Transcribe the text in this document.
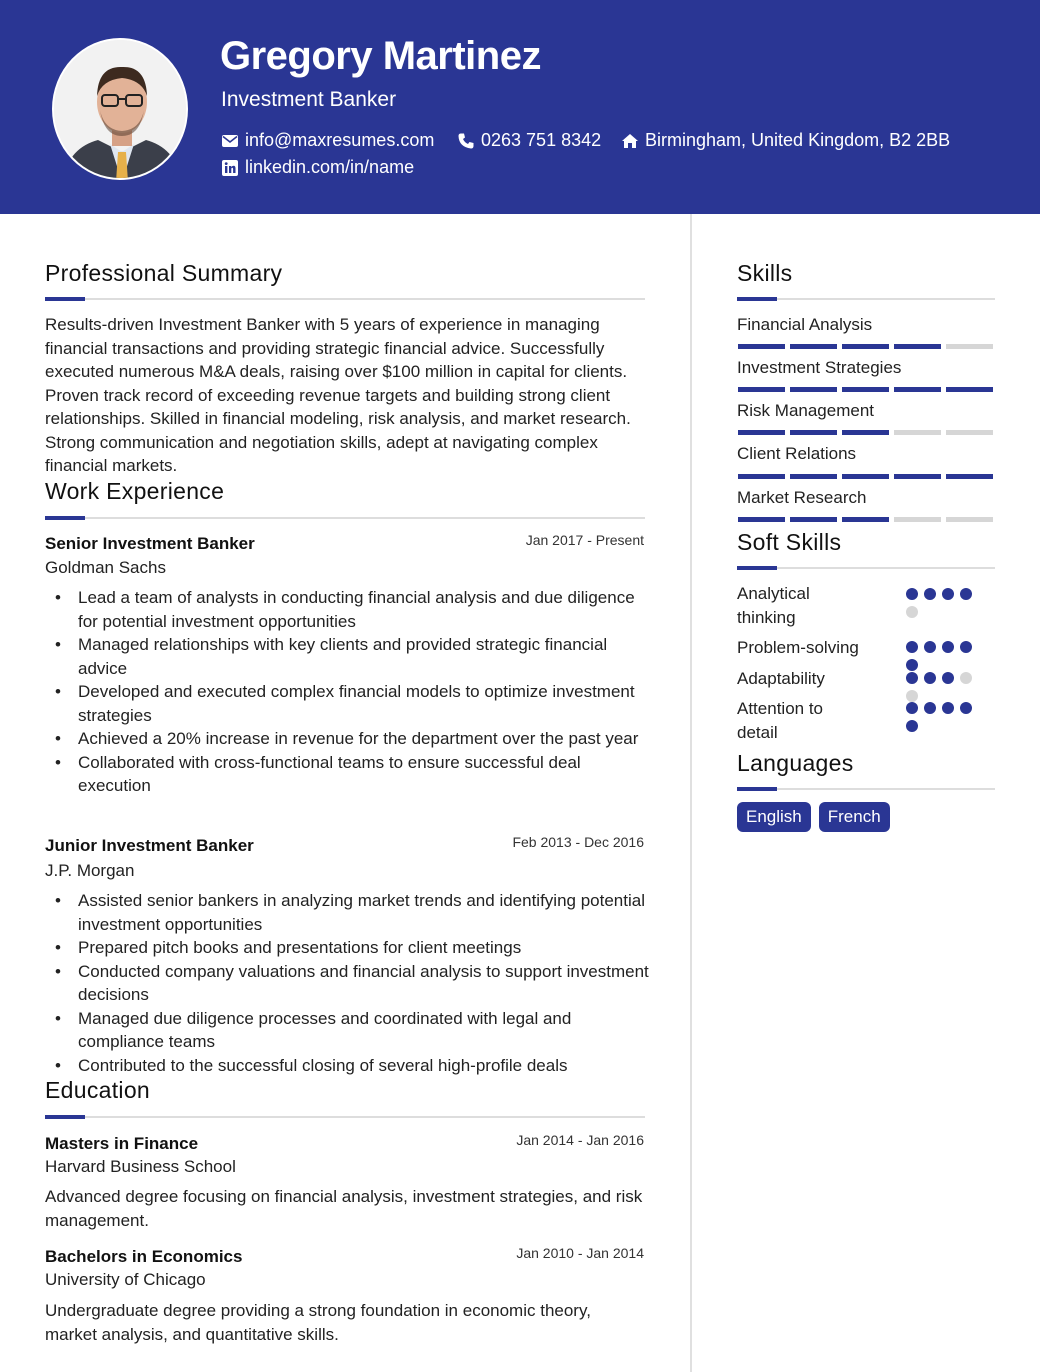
Gregory Martinez
Investment Banker
info@maxresumes.com	0263 751 8342 Birmingham, United Kingdom, B2 2BB
linkedin.com/in/name
Professional Summary
Results-driven Investment Banker with 5 years of experience in managing financial transactions and providing strategic financial advice. Successfully executed numerous M&A deals, raising over $100 million in capital for clients. Proven track record of exceeding revenue targets and building strong client relationships. Skilled in financial modeling, risk analysis, and market research. Strong communication and negotiation skills, adept at navigating complex financial markets.
Work Experience
Senior Investment Banker	Jan 2017 - Present
Goldman Sachs
• Lead a team of analysts in conducting financial analysis and due diligence for potential investment opportunities
• Managed relationships with key clients and provided strategic financial advice
• Developed and executed complex financial models to optimize investment strategies
• Achieved a 20% increase in revenue for the department over the past year
• Collaborated with cross-functional teams to ensure successful deal execution
Junior Investment Banker	Feb 2013 - Dec 2016
J.P. Morgan
• Assisted senior bankers in analyzing market trends and identifying potential investment opportunities
• Prepared pitch books and presentations for client meetings
• Conducted company valuations and financial analysis to support investment decisions
• Managed due diligence processes and coordinated with legal and compliance teams
• Contributed to the successful closing of several high-profile deals
Education
Masters in Finance	Jan 2014 - Jan 2016
Harvard Business School
Advanced degree focusing on financial analysis, investment strategies, and risk management.
Bachelors in Economics	Jan 2010 - Jan 2014
University of Chicago
Undergraduate degree providing a strong foundation in economic theory, market analysis, and quantitative skills.
Skills
Financial Analysis
Investment Strategies
Risk Management
Client Relations
Market Research
Soft Skills
Analytical thinking
Problem-solving
Adaptability
Attention to detail
Languages
English	French
